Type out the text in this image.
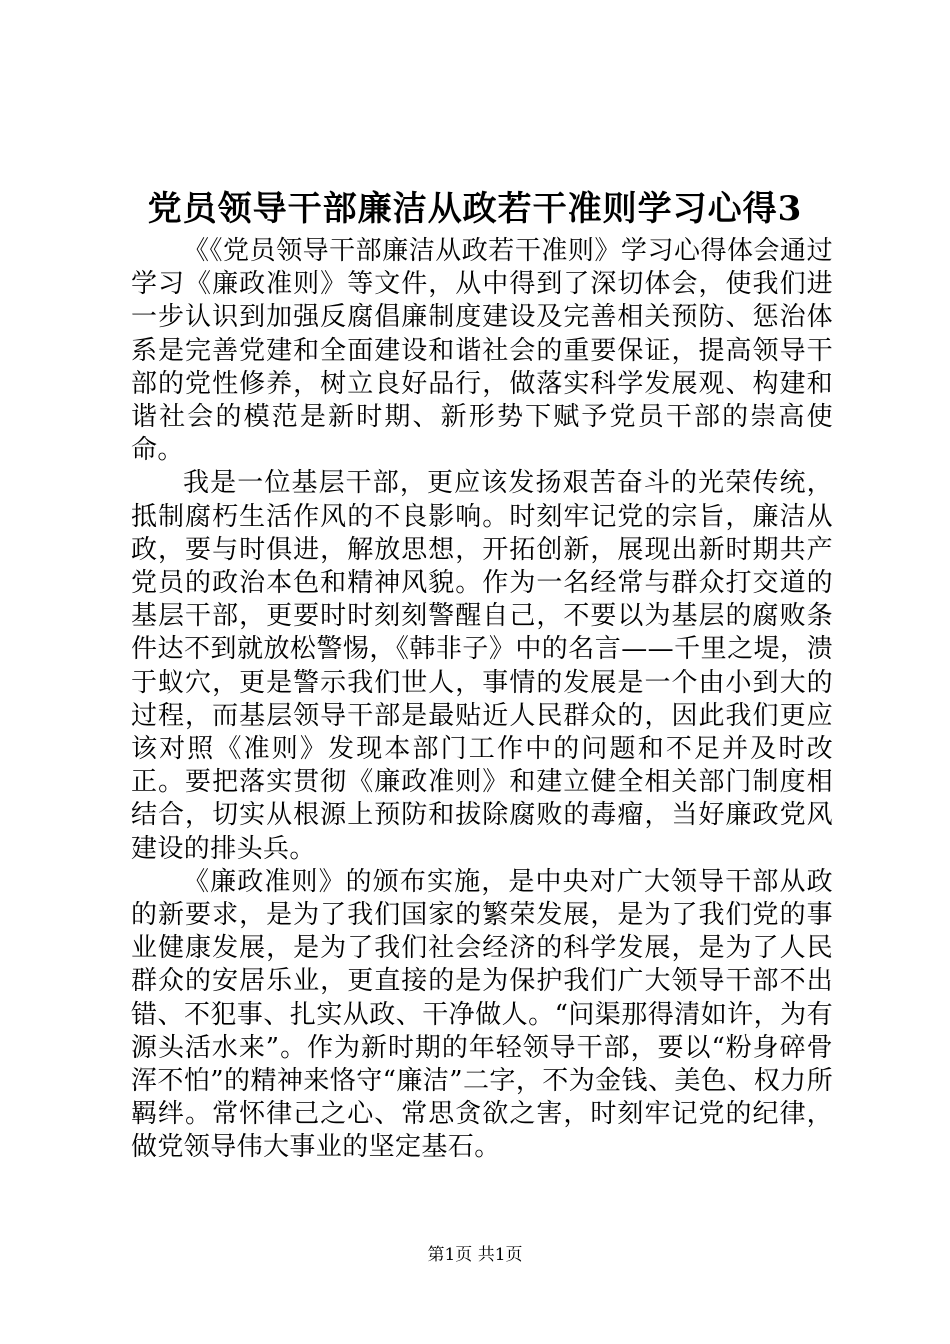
党员领导干部廉洁从政若干准则学习心得3

《《党员领导干部廉洁从政若干准则》学习心得体会通过学习《廉政准则》等文件，从中得到了深切体会，使我们进一步认识到加强反腐倡廉制度建设及完善相关预防、惩治体系是完善党建和全面建设和谐社会的重要保证，提高领导干部的党性修养，树立良好品行，做落实科学发展观、构建和谐社会的模范是新时期、新形势下赋予党员干部的崇高使命。

我是一位基层干部，更应该发扬艰苦奋斗的光荣传统，抵制腐朽生活作风的不良影响。时刻牢记党的宗旨，廉洁从政，要与时俱进，解放思想，开拓创新，展现出新时期共产党员的政治本色和精神风貌。作为一名经常与群众打交道的基层干部，更要时时刻刻警醒自己，不要以为基层的腐败条件达不到就放松警惕，《韩非子》中的名言——千里之堤，溃于蚁穴，更是警示我们世人，事情的发展是一个由小到大的过程，而基层领导干部是最贴近人民群众的，因此我们更应该对照《准则》发现本部门工作中的问题和不足并及时改正。要把落实贯彻《廉政准则》和建立健全相关部门制度相结合，切实从根源上预防和拔除腐败的毒瘤，当好廉政党风建设的排头兵。

《廉政准则》的颁布实施，是中央对广大领导干部从政的新要求，是为了我们国家的繁荣发展，是为了我们党的事业健康发展，是为了我们社会经济的科学发展，是为了人民群众的安居乐业，更直接的是为保护我们广大领导干部不出错、不犯事、扎实从政、干净做人。“问渠那得清如许，为有源头活水来”。作为新时期的年轻领导干部，要以“粉身碎骨浑不怕”的精神来恪守“廉洁”二字，不为金钱、美色、权力所羁绊。常怀律己之心、常思贪欲之害，时刻牢记党的纪律，做党领导伟大事业的坚定基石。

第1页 共1页
